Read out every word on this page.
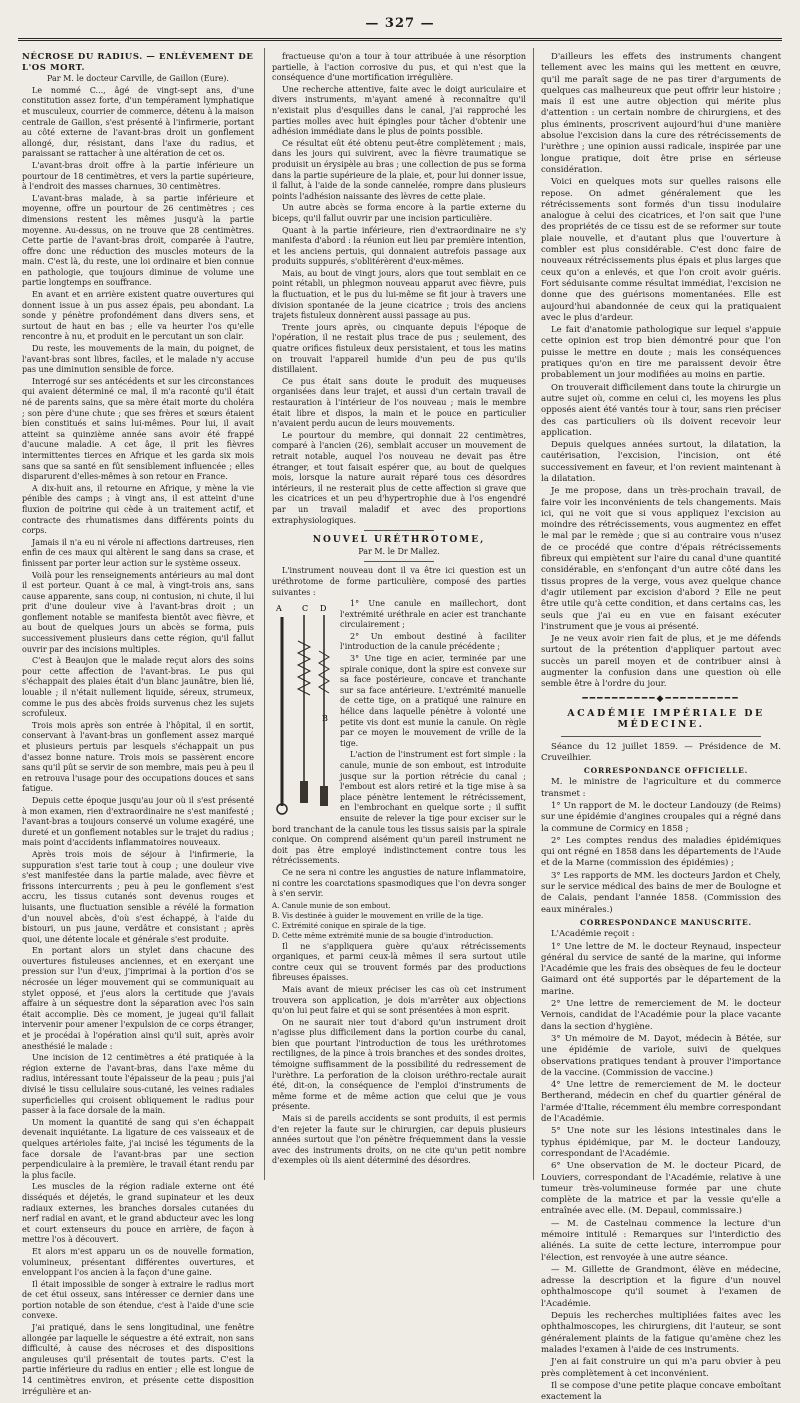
— 327 —

NÉCROSE DU RADIUS. — ENLÈVEMENT DE L'OS MORT.

Par M. le docteur Carville, de Gaillon (Eure).

Le nommé C..., âgé de vingt-sept ans, d'une constitution assez forte, d'un tempérament lymphatique et musculeux, courrier de commerce, détenu à la maison centrale de Gaillon, s'est présenté à l'infirmerie, portant au côté externe de l'avant-bras droit un gonflement allongé, dur, résistant, dans l'axe du radius, et paraissant se rattacher à une altération de cet os.

L'avant-bras droit offre à la partie inférieure un pourtour de 18 centimètres, et vers la partie supérieure, à l'endroit des masses charnues, 30 centimètres.

L'avant-bras malade, à sa partie inférieure et moyenne, offre un pourtour de 26 centimètres ; ces dimensions restent les mêmes jusqu'à la partie moyenne. Au-dessus, on ne trouve que 28 centimètres. Cette partie de l'avant-bras droit, comparée à l'autre, offre donc une réduction des muscles moteurs de la main. C'est là, du reste, une loi ordinaire et bien connue en pathologie, que toujours diminue de volume une partie longtemps en souffrance.

En avant et en arrière existent quatre ouvertures qui donnent issue à un pus assez épais, peu abondant. La sonde y pénètre profondément dans divers sens, et surtout de haut en bas ; elle va heurter l'os qu'elle rencontre à nu, et produit en le percutant un son clair.

Du reste, les mouvements de la main, du poignet, de l'avant-bras sont libres, faciles, et le malade n'y accuse pas une diminution sensible de force.

Interrogé sur ses antécédents et sur les circonstances qui avaient déterminé ce mal, il m'a raconté qu'il était né de parents sains, que sa mère était morte du choléra ; son père d'une chute ; que ses frères et sœurs étaient bien constitués et sains lui-mêmes. Pour lui, il avait atteint sa quinzième année sans avoir été frappé d'aucune maladie. A cet âge, il prit les fièvres intermittentes tierces en Afrique et les garda six mois sans que sa santé en fût sensiblement influencée ; elles disparurent d'elles-mêmes à son retour en France.

A dix-huit ans, il retourne en Afrique, y mène la vie pénible des camps ; à vingt ans, il est atteint d'une fluxion de poitrine qui cède à un traitement actif, et contracte des rhumatismes dans différents points du corps.

Jamais il n'a eu ni vérole ni affections dartreuses, rien enfin de ces maux qui altèrent le sang dans sa crase, et finissent par porter leur action sur le système osseux.

Voilà pour les renseignements antérieurs au mal dont il est porteur. Quant à ce mal, à vingt-trois ans, sans cause apparente, sans coup, ni contusion, ni chute, il lui prit d'une douleur vive à l'avant-bras droit ; un gonflement notable se manifesta bientôt avec fièvre, et au bout de quelques jours un abcès se forma, puis successivement plusieurs dans cette région, qu'il fallut ouvrir par des incisions multiples.

C'est à Beaujon que le malade reçut alors des soins pour cette affection de l'avant-bras. Le pus qui s'échappait des plaies était d'un blanc jaunâtre, bien lié, louable ; il n'était nullement liquide, séreux, strumeux, comme le pus des abcès froids survenus chez les sujets scrofuleux.

Trois mois après son entrée à l'hôpital, il en sortit, conservant à l'avant-bras un gonflement assez marqué et plusieurs pertuis par lesquels s'échappait un pus d'assez bonne nature. Trois mois se passèrent encore sans qu'il pût se servir de son membre, mais peu à peu il en retrouva l'usage pour des occupations douces et sans fatigue.

Depuis cette époque jusqu'au jour où il s'est présenté à mon examen, rien d'extraordinaire ne s'est manifesté ; l'avant-bras a toujours conservé un volume exagéré, une dureté et un gonflement notables sur le trajet du radius ; mais point d'accidents inflammatoires nouveaux.

Après trois mois de séjour à l'infirmerie, la suppuration s'est tarie tout à coup ; une douleur vive s'est manifestée dans la partie malade, avec fièvre et frissons intercurrents ; peu à peu le gonflement s'est accru, les tissus cutanés sont devenus rouges et luisants, une fluctuation sensible a révélé la formation d'un nouvel abcès, d'où s'est échappé, à l'aide du bistouri, un pus jaune, verdâtre et consistant ; après quoi, une détente locale et générale s'est produite.

En portant alors un stylet dans chacune des ouvertures fistuleuses anciennes, et en exerçant une pression sur l'un d'eux, j'imprimai à la portion d'os se nécrosée un léger mouvement qui se communiquait au stylet opposé, et j'eus alors la certitude que j'avais affaire à un séquestre dont la séparation avec l'os sain était accomplie. Dès ce moment, je jugeai qu'il fallait intervenir pour amener l'expulsion de ce corps étranger, et je procédai à l'opération ainsi qu'il suit, après avoir anesthésié le malade :

Une incision de 12 centimètres a été pratiquée à la région externe de l'avant-bras, dans l'axe même du radius, intéressant toute l'épaisseur de la peau ; puis j'ai divisé le tissu cellulaire sous-cutané, les veines radiales superficielles qui croisent obliquement le radius pour passer à la face dorsale de la main.

Un moment la quantité de sang qui s'en échappait devenait inquiétante. La ligature de ces vaisseaux et de quelques artérioles faite, j'ai incisé les téguments de la face dorsale de l'avant-bras par une section perpendiculaire à la première, le travail étant rendu par la plus facile.

Les muscles de la région radiale externe ont été disséqués et déjetés, le grand supinateur et les deux radiaux externes, les branches dorsales cutanées du nerf radial en avant, et le grand abducteur avec les long et court extenseurs du pouce en arrière, de façon à mettre l'os à découvert.

Et alors m'est apparu un os de nouvelle formation, volumineux, présentant différentes ouvertures, et enveloppant l'os ancien à la façon d'une gaine.

Il était impossible de songer à extraire le radius mort de cet étui osseux, sans intéresser ce dernier dans une portion notable de son étendue, c'est à l'aide d'une scie convexe.

J'ai pratiqué, dans le sens longitudinal, une fenêtre allongée par laquelle le séquestre a été extrait, non sans difficulté, à cause des nécroses et des dispositions anguleuses qu'il présentait de toutes parts. C'est la partie inférieure du radius en entier ; elle est longue de 14 centimètres environ, et présente cette disposition irrégulière et an-

fractueuse qu'on a tour à tour attribuée à une résorption partielle, à l'action corrosive du pus, et qui n'est que la conséquence d'une mortification irrégulière.

Une recherche attentive, faite avec le doigt auriculaire et divers instruments, m'ayant amené à reconnaître qu'il n'existait plus d'esquilles dans le canal, j'ai rapproché les parties molles avec huit épingles pour tâcher d'obtenir une adhésion immédiate dans le plus de points possible.

Ce résultat eût été obtenu peut-être complètement ; mais, dans les jours qui suivirent, avec la fièvre traumatique se produisit un érysipèle au bras ; une collection de pus se forma dans la partie supérieure de la plaie, et, pour lui donner issue, il fallut, à l'aide de la sonde cannelée, rompre dans plusieurs points l'adhésion naissante des lèvres de cette plaie.

Un autre abcès se forma encore à la partie externe du biceps, qu'il fallut ouvrir par une incision particulière.

Quant à la partie inférieure, rien d'extraordinaire ne s'y manifesta d'abord : la réunion eut lieu par première intention, et les anciens pertuis, qui donnaient autrefois passage aux produits suppurés, s'oblitérèrent d'eux-mêmes.

Mais, au bout de vingt jours, alors que tout semblait en ce point rétabli, un phlegmon nouveau apparut avec fièvre, puis la fluctuation, et le pus du lui-même se fit jour à travers une division spontanée de la jeune cicatrice ; trois des anciens trajets fistuleux donnèrent aussi passage au pus.

Trente jours après, ou cinquante depuis l'époque de l'opération, il ne restait plus trace de pus ; seulement, des quatre orifices fistuleux deux persistaient, et tous les matins on trouvait l'appareil humide d'un peu de pus qu'ils distillaient.

Ce pus était sans doute le produit des muqueuses organisées dans leur trajet, et aussi d'un certain travail de restauration à l'intérieur de l'os nouveau ; mais le membre était libre et dispos, la main et le pouce en particulier n'avaient perdu aucun de leurs mouvements.

Le pourtour du membre, qui donnait 22 centimètres, comparé à l'ancien (26), semblait accuser un mouvement de retrait notable, auquel l'os nouveau ne devait pas être étranger, et tout faisait espérer que, au bout de quelques mois, lorsque la nature aurait réparé tous ces désordres intérieurs, il ne resterait plus de cette affection si grave que les cicatrices et un peu d'hypertrophie due à l'os engendré par un travail maladif et avec des proportions extraphysiologiques.

NOUVEL URÉTHROTOME,

Par M. le Dr Mallez.

L'instrument nouveau dont il va être ici question est un uréthrotome de forme particulière, composé des parties suivantes :

A	C D
B

1° Une canule en maillechort, dont l'extrémité uréthrale en acier est tranchante circulairement ;

2° Un embout destiné à faciliter l'introduction de la canule précédente ;

3° Une tige en acier, terminée par une spirale conique, dont la spire est convexe sur sa face postérieure, concave et tranchante sur sa face antérieure. L'extrémité manuelle de cette tige, on a pratiqué une rainure en hélice dans laquelle pénètre à volonté une petite vis dont est munie la canule. On règle par ce moyen le mouvement de vrille de la tige.

L'action de l'instrument est fort simple : la canule, munie de son embout, est introduite jusque sur la portion rétrécie du canal ; l'embout est alors retiré et la tige mise à sa place pénètre lentement le rétrécissement, en l'embrochant en quelque sorte ; il suffit ensuite de relever la tige pour exciser sur le bord tranchant de la canule tous les tissus saisis par la spirale conique. On comprend aisément qu'un pareil instrument ne doit pas être employé indistinctement contre tous les rétrécissements.

Ce ne sera ni contre les angusties de nature inflammatoire, ni contre les coarctations spasmodiques que l'on devra songer à s'en servir.

A. Canule munie de son embout.

B. Vis destinée à guider le mouvement en vrille de la tige.

C. Extrémité conique en spirale de la tige.

D. Cette même extrémité munie de sa bougie d'introduction.

Il ne s'appliquera guère qu'aux rétrécissements organiques, et parmi ceux-là mêmes il sera surtout utile contre ceux qui se trouvent formés par des productions fibreuses épaisses.

Mais avant de mieux préciser les cas où cet instrument trouvera son application, je dois m'arrêter aux objections qu'on lui peut faire et qui se sont présentées à mon esprit.

On ne saurait nier tout d'abord qu'un instrument droit n'agisse plus difficilement dans la portion courbe du canal, bien que pourtant l'introduction de tous les uréthrotomes rectilignes, de la pince à trois branches et des sondes droites, témoigne suffisamment de la possibilité du redressement de l'urèthre. La perforation de la cloison uréthro-rectale aurait été, dit-on, la conséquence de l'emploi d'instruments de même forme et de même action que celui que je vous présente.

Mais si de pareils accidents se sont produits, il est permis d'en rejeter la faute sur le chirurgien, car depuis plusieurs années surtout que l'on pénètre fréquemment dans la vessie avec des instruments droits, on ne cite qu'un petit nombre d'exemples où ils aient déterminé des désordres.

D'ailleurs les effets des instruments changent tellement avec les mains qui les mettent en œuvre, qu'il me paraît sage de ne pas tirer d'arguments de quelques cas malheureux que peut offrir leur histoire ; mais il est une autre objection qui mérite plus d'attention : un certain nombre de chirurgiens, et des plus éminents, proscrivent aujourd'hui d'une manière absolue l'excision dans la cure des rétrécissements de l'urèthre ; une opinion aussi radicale, inspirée par une longue pratique, doit être prise en sérieuse considération.

Voici en quelques mots sur quelles raisons elle repose. On admet généralement que les rétrécissements sont formés d'un tissu inodulaire analogue à celui des cicatrices, et l'on sait que l'une des propriétés de ce tissu est de se reformer sur toute plaie nouvelle, et d'autant plus que l'ouverture à combler est plus considérable. C'est donc faire de nouveaux rétrécissements plus épais et plus larges que ceux qu'on a enlevés, et que l'on croit avoir guéris. Fort séduisante comme résultat immédiat, l'excision ne donne que des guérisons momentanées. Elle est aujourd'hui abandonnée de ceux qui la pratiquaient avec le plus d'ardeur.

Le fait d'anatomie pathologique sur lequel s'appuie cette opinion est trop bien démontré pour que l'on puisse le mettre en doute ; mais les conséquences pratiques qu'on en tire me paraissent devoir être probablement un jour modifiées au moins en partie.

On trouverait difficilement dans toute la chirurgie un autre sujet où, comme en celui ci, les moyens les plus opposés aient été vantés tour à tour, sans rien préciser des cas particuliers où ils doivent recevoir leur application.

Depuis quelques années surtout, la dilatation, la cautérisation, l'excision, l'incision, ont été successivement en faveur, et l'on revient maintenant à la dilatation.

Je me propose, dans un très-prochain travail, de faire voir les inconvénients de tels changements. Mais ici, qui ne voit que si vous appliquez l'excision au moindre des rétrécissements, vous augmentez en effet le mal par le remède ; que si au contraire vous n'usez de ce procédé que contre d'épais rétrécissements fibreux qui empiètent sur l'aire du canal d'une quantité considérable, en s'enfonçant d'un autre côté dans les tissus propres de la verge, vous avez quelque chance d'agir utilement par excision d'abord ? Elle ne peut être utile qu'à cette condition, et dans certains cas, les seuls que j'ai eu en vue en faisant exécuter l'instrument que je vous ai présenté.

Je ne veux avoir rien fait de plus, et je me défends surtout de la prétention d'appliquer partout avec succès un pareil moyen et de contribuer ainsi à augmenter la confusion dans une question où elle semble être à l'ordre du jour.

━━━━━━━━━━◆━━━━━━━━━━

ACADÉMIE IMPÉRIALE DE MÉDECINE.

Séance du 12 juillet 1859. — Présidence de M. Cruveilhier.

CORRESPONDANCE OFFICIELLE.

M. le ministre de l'agriculture et du commerce transmet :

1° Un rapport de M. le docteur Landouzy (de Reims) sur une épidémie d'angines croupales qui a régné dans la commune de Cormicy en 1858 ;

2° Les comptes rendus des maladies épidémiques qui ont régné en 1858 dans les départements de l'Aude et de la Marne (commission des épidémies) ;

3° Les rapports de MM. les docteurs Jardon et Chely, sur le service médical des bains de mer de Boulogne et de Calais, pendant l'année 1858. (Commission des eaux minérales.)

CORRESPONDANCE MANUSCRITE.

L'Académie reçoit :

1° Une lettre de M. le docteur Reynaud, inspecteur général du service de santé de la marine, qui informe l'Académie que les frais des obsèques de feu le docteur Gaimard ont été supportés par le département de la marine.

2° Une lettre de remerciement de M. le docteur Vernois, candidat de l'Académie pour la place vacante dans la section d'hygiène.

3° Un mémoire de M. Dayot, médecin à Bétée, sur une épidémie de variole, suivi de quelques observations pratiques tendant à prouver l'importance de la vaccine. (Commission de vaccine.)

4° Une lettre de remerciement de M. le docteur Bertherand, médecin en chef du quartier général de l'armée d'Italie, récemment élu membre correspondant de l'Académie.

5° Une note sur les lésions intestinales dans le typhus épidémique, par M. le docteur Landouzy, correspondant de l'Académie.

6° Une observation de M. le docteur Picard, de Louviers, correspondant de l'Académie, relative à une tumeur très-volumineuse formée par une chute complète de la matrice et par la vessie qu'elle a entraînée avec elle. (M. Depaul, commissaire.)

— M. de Castelnau commence la lecture d'un mémoire intitulé : Remarques sur l'interdictio des aliénés. La suite de cette lecture, interrompue pour l'élection, est renvoyée à une autre séance.

— M. Gillette de Grandmont, élève en médecine, adresse la description et la figure d'un nouvel ophthalmoscope qu'il soumet à l'examen de l'Académie.

Depuis les recherches multipliées faites avec les ophthalmoscopes, les chirurgiens, dit l'auteur, se sont généralement plaints de la fatigue qu'amène chez les malades l'examen à l'aide de ces instruments.

J'en ai fait construire un qui m'a paru obvier à peu près complètement à cet inconvénient.

Il se compose d'une petite plaque concave emboîtant exactement la
